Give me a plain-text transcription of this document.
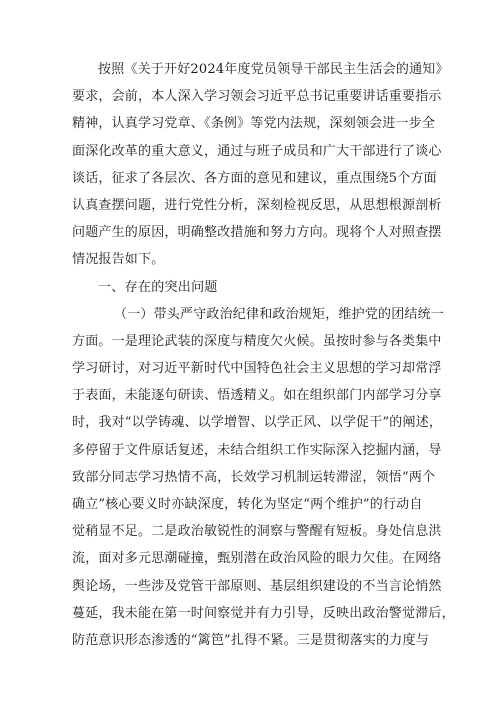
按照《关于开好2024年度党员领导干部民主生活会的通知》
要求，会前，本人深入学习领会习近平总书记重要讲话重要指示
精神，认真学习党章、《条例》等党内法规，深刻领会进一步全
面深化改革的重大意义，通过与班子成员和广大干部进行了谈心
谈话，征求了各层次、各方面的意见和建议，重点围绕5个方面
认真查摆问题，进行党性分析，深刻检视反思，从思想根源剖析
问题产生的原因，明确整改措施和努力方向。现将个人对照查摆
情况报告如下。
一、存在的突出问题
（一）带头严守政治纪律和政治规矩，维护党的团结统一
方面。一是理论武装的深度与精度欠火候。虽按时参与各类集中
学习研讨，对习近平新时代中国特色社会主义思想的学习却常浮
于表面，未能逐句研读、悟透精义。如在组织部门内部学习分享
时，我对“以学铸魂、以学增智、以学正风、以学促干”的阐述，
多停留于文件原话复述，未结合组织工作实际深入挖掘内涵，导
致部分同志学习热情不高，长效学习机制运转滞涩，领悟“两个
确立”核心要义时亦缺深度，转化为坚定“两个维护”的行动自
觉稍显不足。二是政治敏锐性的洞察与警醒有短板。身处信息洪
流，面对多元思潮碰撞，甄别潜在政治风险的眼力欠佳。在网络
舆论场，一些涉及党管干部原则、基层组织建设的不当言论悄然
蔓延，我未能在第一时间察觉并有力引导，反映出政治警觉滞后，
防范意识形态渗透的“篱笆”扎得不紧。三是贯彻落实的力度与
